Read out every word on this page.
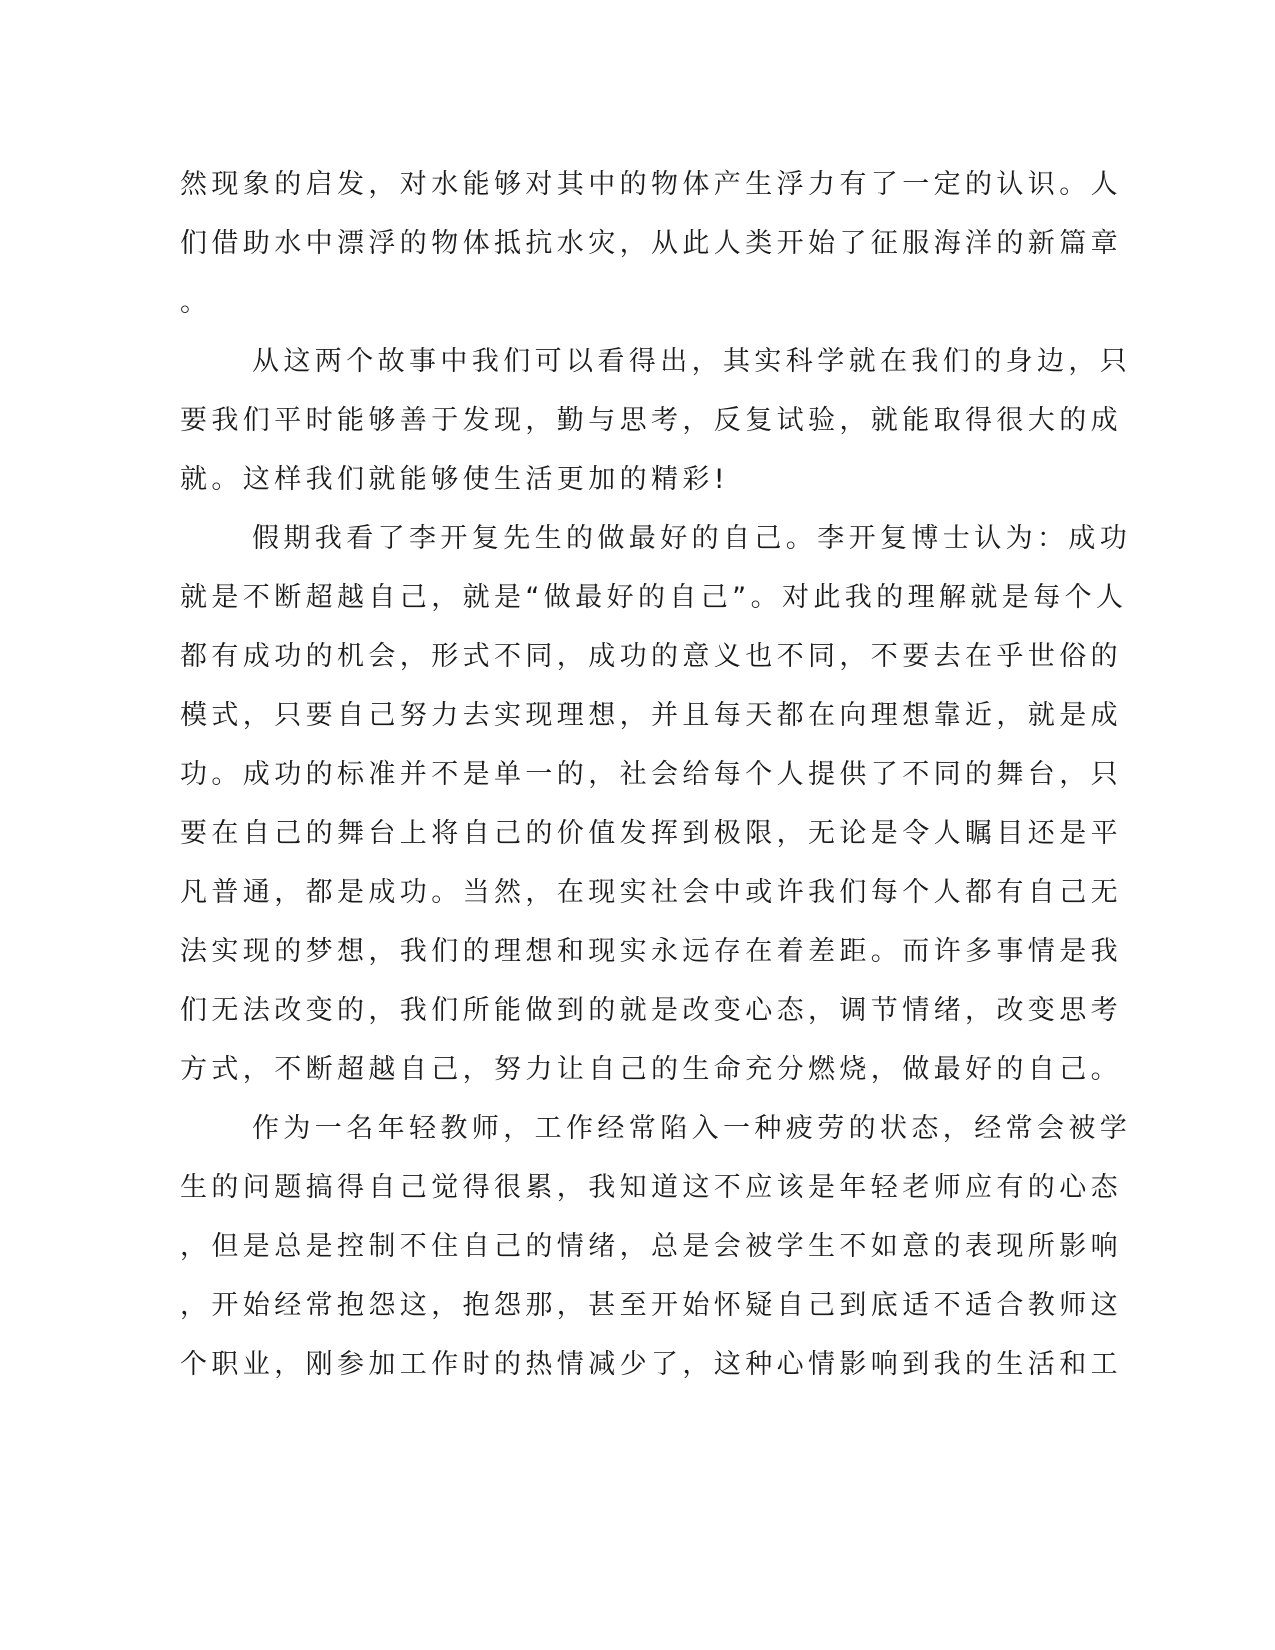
然现象的启发，对水能够对其中的物体产生浮力有了一定的认识。人
们借助水中漂浮的物体抵抗水灾，从此人类开始了征服海洋的新篇章
。
从这两个故事中我们可以看得出，其实科学就在我们的身边，只
要我们平时能够善于发现，勤与思考，反复试验，就能取得很大的成
就。这样我们就能够使生活更加的精彩!
假期我看了李开复先生的做最好的自己。李开复博士认为：成功
就是不断超越自己，就是“做最好的自己”。对此我的理解就是每个人
都有成功的机会，形式不同，成功的意义也不同，不要去在乎世俗的
模式，只要自己努力去实现理想，并且每天都在向理想靠近，就是成
功。成功的标准并不是单一的，社会给每个人提供了不同的舞台，只
要在自己的舞台上将自己的价值发挥到极限，无论是令人瞩目还是平
凡普通，都是成功。当然，在现实社会中或许我们每个人都有自己无
法实现的梦想，我们的理想和现实永远存在着差距。而许多事情是我
们无法改变的，我们所能做到的就是改变心态，调节情绪，改变思考
方式，不断超越自己，努力让自己的生命充分燃烧，做最好的自己。
作为一名年轻教师，工作经常陷入一种疲劳的状态，经常会被学
生的问题搞得自己觉得很累，我知道这不应该是年轻老师应有的心态
，但是总是控制不住自己的情绪，总是会被学生不如意的表现所影响
，开始经常抱怨这，抱怨那，甚至开始怀疑自己到底适不适合教师这
个职业，刚参加工作时的热情减少了，这种心情影响到我的生活和工
